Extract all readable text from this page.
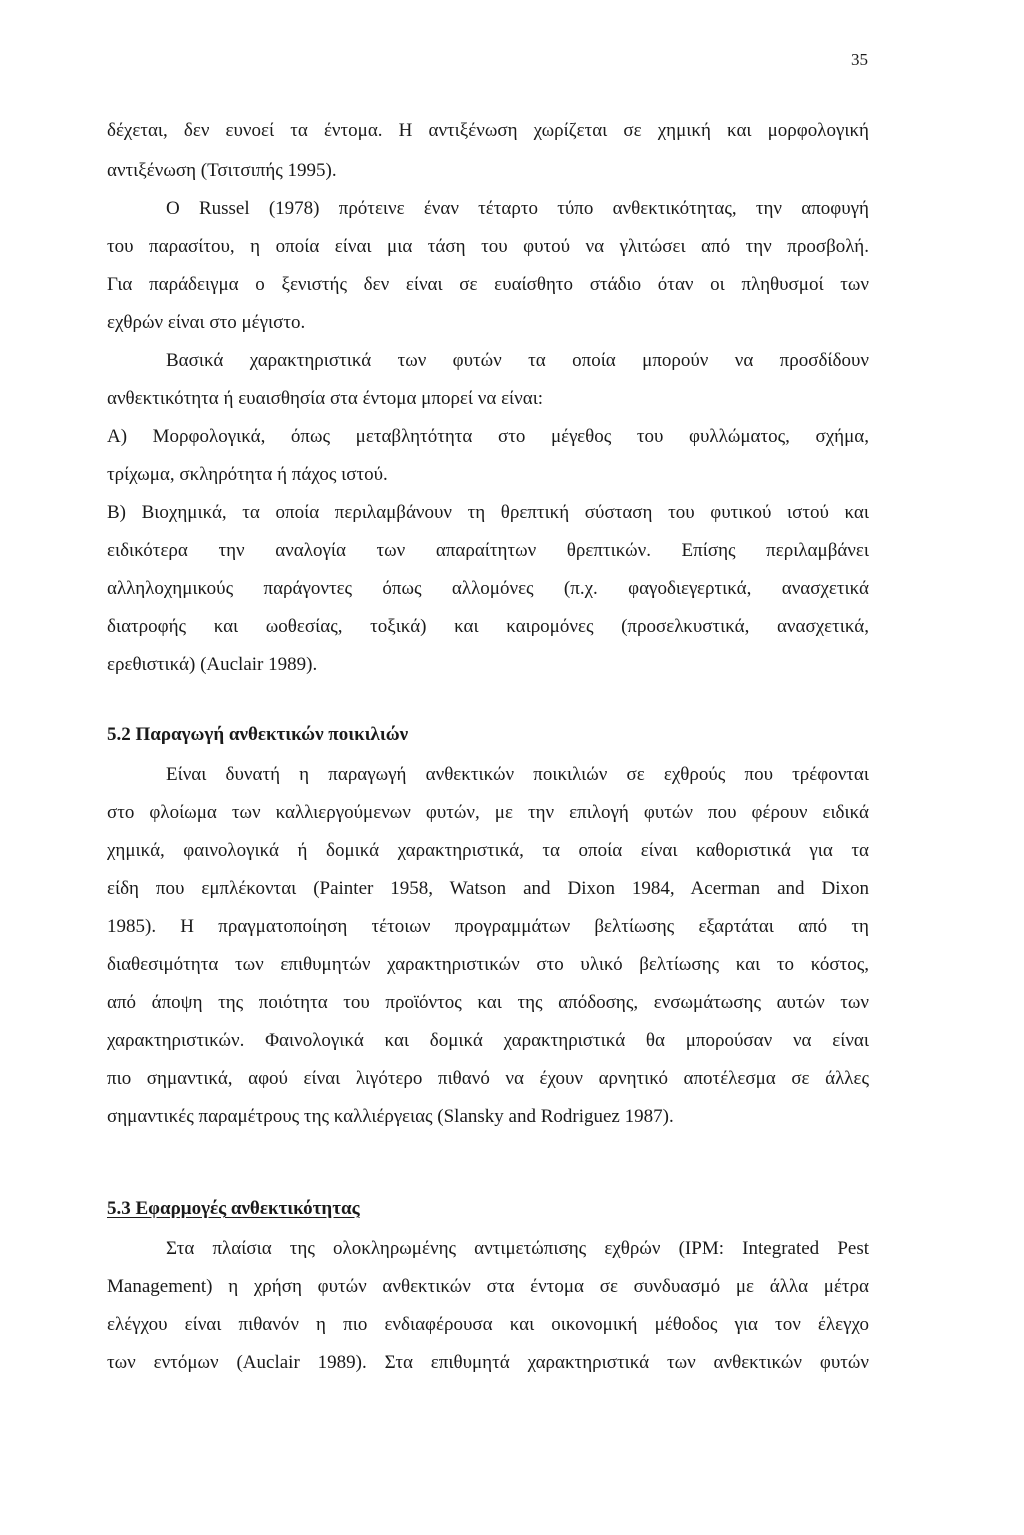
35
δέχεται, δεν ευνοεί τα έντομα. Η αντιξένωση χωρίζεται σε χημική και μορφολογική
αντιξένωση (Τσιτσιπής 1995).
Ο Russel (1978) πρότεινε έναν τέταρτο τύπο ανθεκτικότητας, την αποφυγή
του παρασίτου, η οποία είναι μια τάση του φυτού να γλιτώσει από την προσβολή.
Για παράδειγμα ο ξενιστής δεν είναι σε ευαίσθητο στάδιο όταν οι πληθυσμοί των
εχθρών είναι στο μέγιστο.
Βασικά χαρακτηριστικά των φυτών τα οποία μπορούν να προσδίδουν
ανθεκτικότητα ή ευαισθησία στα έντομα μπορεί να είναι:
Α) Μορφολογικά, όπως μεταβλητότητα στο μέγεθος του φυλλώματος, σχήμα,
τρίχωμα, σκληρότητα ή πάχος ιστού.
Β) Βιοχημικά, τα οποία περιλαμβάνουν τη θρεπτική σύσταση του φυτικού ιστού και
ειδικότερα την αναλογία των απαραίτητων θρεπτικών. Επίσης περιλαμβάνει
αλληλοχημικούς παράγοντες όπως αλλομόνες (π.χ. φαγοδιεγερτικά, ανασχετικά
διατροφής και ωοθεσίας, τοξικά) και καιρομόνες (προσελκυστικά, ανασχετικά,
ερεθιστικά) (Auclair 1989).
5.2 Παραγωγή ανθεκτικών ποικιλιών
Είναι δυνατή η παραγωγή ανθεκτικών ποικιλιών σε εχθρούς που τρέφονται
στο φλοίωμα των καλλιεργούμενων φυτών, με την επιλογή φυτών που φέρουν ειδικά
χημικά, φαινολογικά ή δομικά χαρακτηριστικά, τα οποία είναι καθοριστικά για τα
είδη που εμπλέκονται (Painter 1958, Watson and Dixon 1984, Acerman and Dixon
1985). Η πραγματοποίηση τέτοιων προγραμμάτων βελτίωσης εξαρτάται από τη
διαθεσιμότητα των επιθυμητών χαρακτηριστικών στο υλικό βελτίωσης και το κόστος,
από άποψη της ποιότητα του προϊόντος και της απόδοσης, ενσωμάτωσης αυτών των
χαρακτηριστικών. Φαινολογικά και δομικά χαρακτηριστικά θα μπορούσαν να είναι
πιο σημαντικά, αφού είναι λιγότερο πιθανό να έχουν αρνητικό αποτέλεσμα σε άλλες
σημαντικές παραμέτρους της καλλιέργειας (Slansky and Rodriguez 1987).
5.3 Εφαρμογές ανθεκτικότητας
Στα πλαίσια της ολοκληρωμένης αντιμετώπισης εχθρών (IPM: Integrated Pest
Management) η χρήση φυτών ανθεκτικών στα έντομα σε συνδυασμό με άλλα μέτρα
ελέγχου είναι πιθανόν η πιο ενδιαφέρουσα και οικονομική μέθοδος για τον έλεγχο
των εντόμων (Auclair 1989). Στα επιθυμητά χαρακτηριστικά των ανθεκτικών φυτών
